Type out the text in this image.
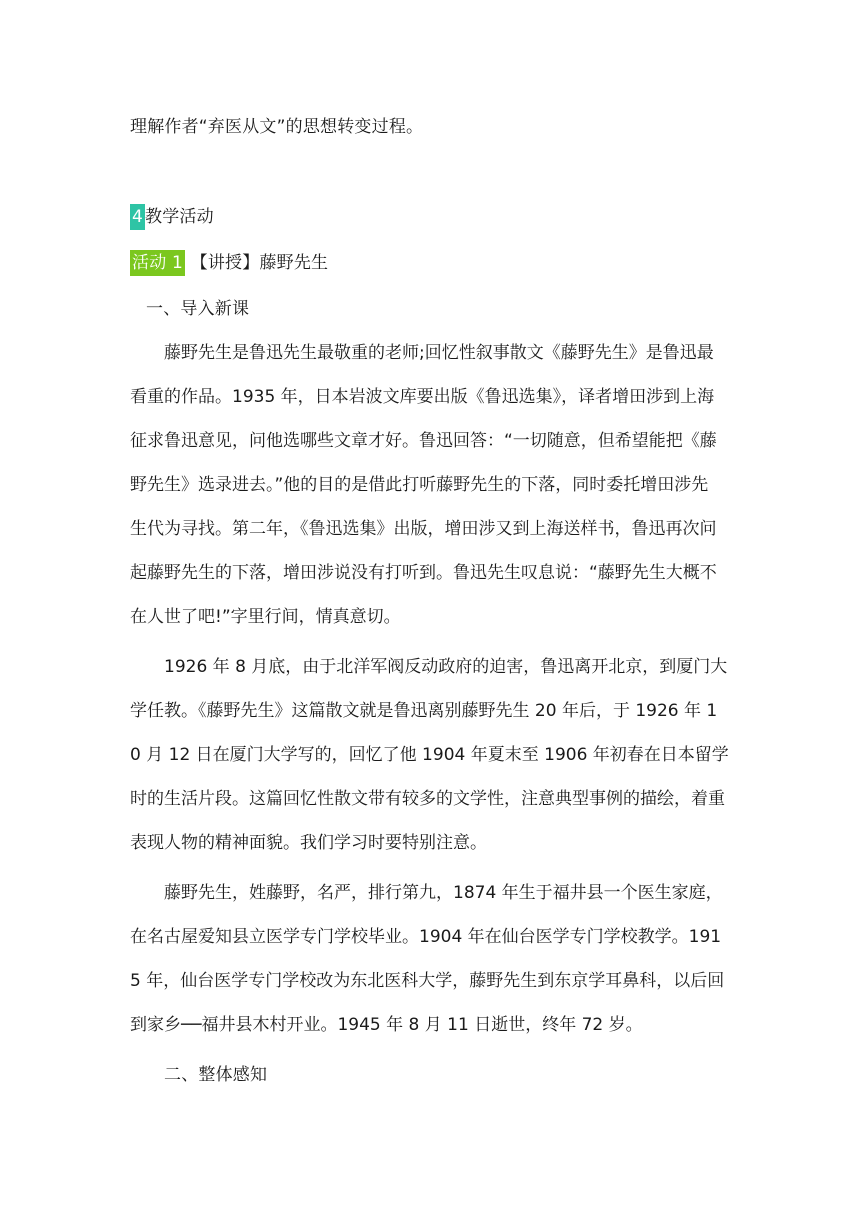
理解作者“弃医从文”的思想转变过程。
4 教学活动
活动 1 【讲授】藤野先生
一、导入新课
藤野先生是鲁迅先生最敬重的老师;回忆性叙事散文《藤野先生》是鲁迅最
看重的作品。1935 年，日本岩波文库要出版《鲁迅选集》，译者增田涉到上海
征求鲁迅意见，问他选哪些文章才好。鲁迅回答：“一切随意，但希望能把《藤
野先生》选录进去。”他的目的是借此打听藤野先生的下落，同时委托增田涉先
生代为寻找。第二年，《鲁迅选集》出版，增田涉又到上海送样书，鲁迅再次问
起藤野先生的下落，增田涉说没有打听到。鲁迅先生叹息说：“藤野先生大概不
在人世了吧!”字里行间，情真意切。
1926 年 8 月底，由于北洋军阀反动政府的迫害，鲁迅离开北京，到厦门大
学任教。《藤野先生》这篇散文就是鲁迅离别藤野先生 20 年后，于 1926 年 1
0 月 12 日在厦门大学写的，回忆了他 1904 年夏末至 1906 年初春在日本留学
时的生活片段。这篇回忆性散文带有较多的文学性，注意典型事例的描绘，着重
表现人物的精神面貌。我们学习时要特别注意。
藤野先生，姓藤野，名严，排行第九，1874 年生于福井县一个医生家庭，
在名古屋爱知县立医学专门学校毕业。1904 年在仙台医学专门学校教学。191
5 年，仙台医学专门学校改为东北医科大学，藤野先生到东京学耳鼻科，以后回
到家乡──福井县木村开业。1945 年 8 月 11 日逝世，终年 72 岁。
二、整体感知
